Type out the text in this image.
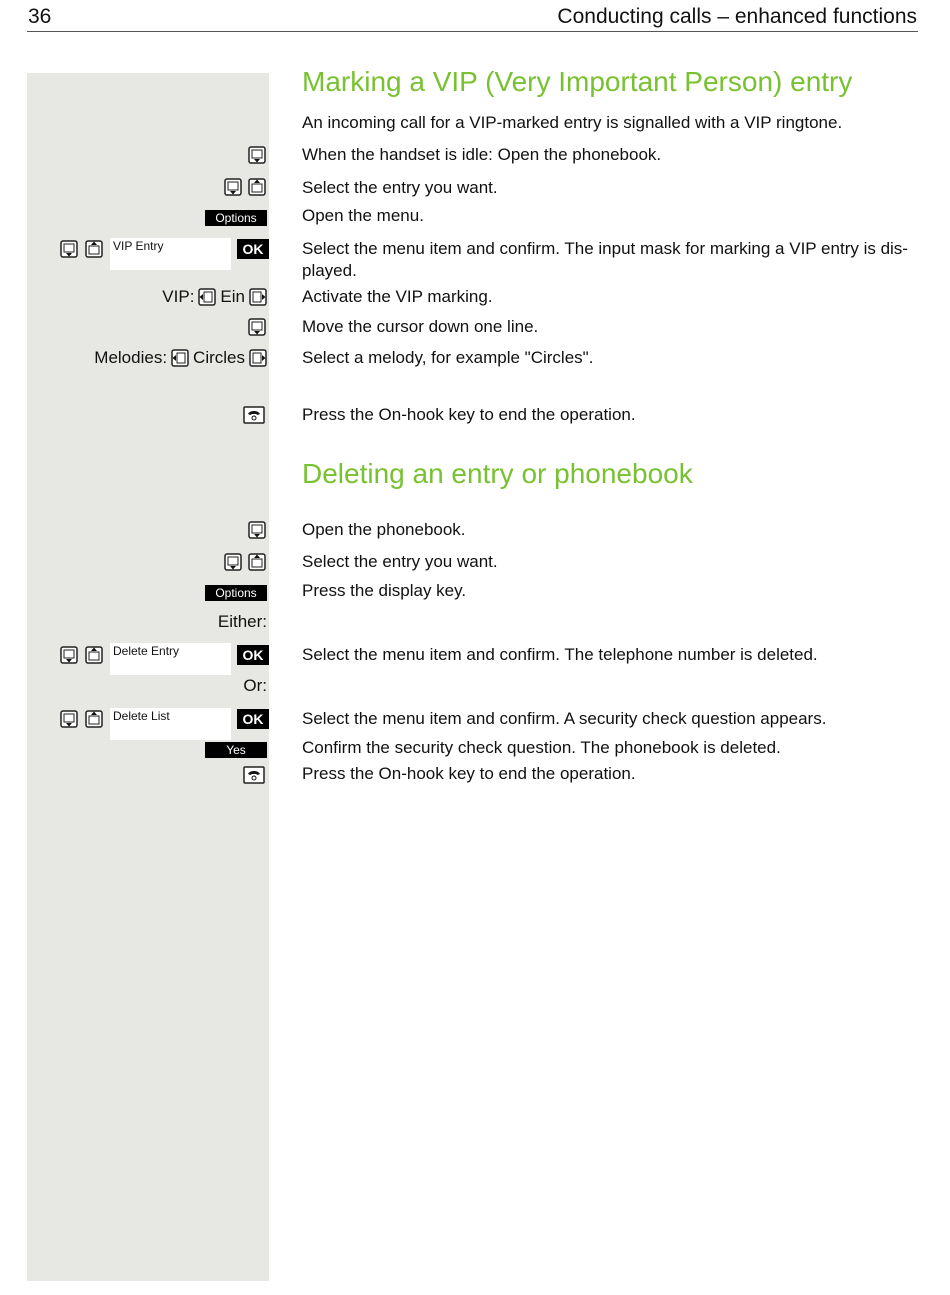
36	Conducting calls – enhanced functions
Marking a VIP (Very Important Person) entry
An incoming call for a VIP-marked entry is signalled with a VIP ringtone.
When the handset is idle: Open the phonebook.
Select the entry you want.
Options	Open the menu.
VIP Entry	OK	Select the menu item and confirm. The input mask for marking a VIP entry is dis-played.
VIP: Ein	Activate the VIP marking.
Move the cursor down one line.
Melodies: Circles	Select a melody, for example "Circles".
Press the On-hook key to end the operation.
Deleting an entry or phonebook
Open the phonebook.
Select the entry you want.
Options	Press the display key.
Either:
Delete Entry	OK	Select the menu item and confirm. The telephone number is deleted.
Or:
Delete List	OK	Select the menu item and confirm. A security check question appears.
Yes	Confirm the security check question. The phonebook is deleted.
Press the On-hook key to end the operation.
